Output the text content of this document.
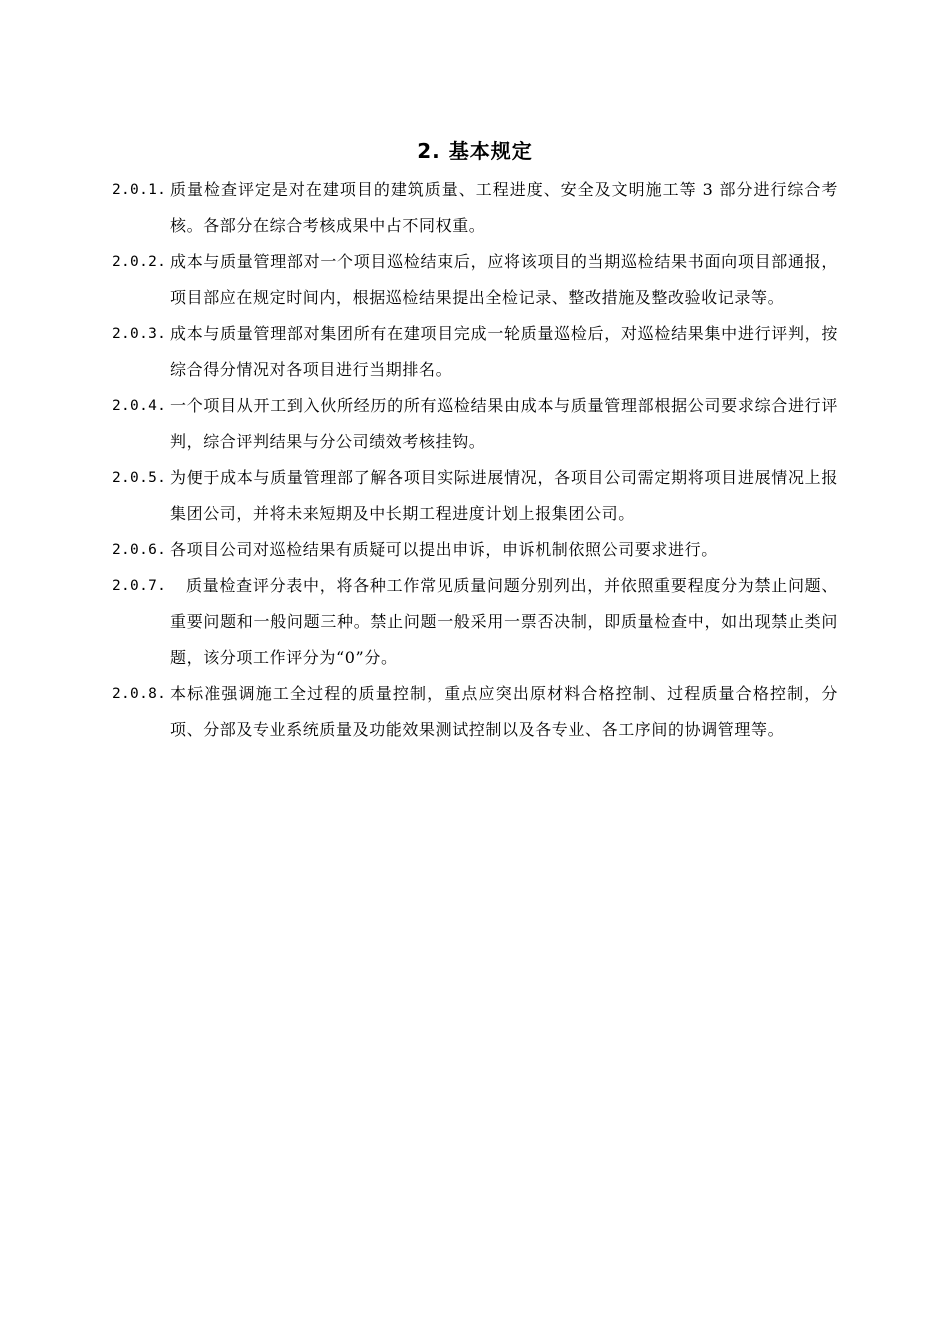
2. 基本规定
2.0.1. 质量检查评定是对在建项目的建筑质量、工程进度、安全及文明施工等 3 部分进行综合考核。各部分在综合考核成果中占不同权重。
2.0.2. 成本与质量管理部对一个项目巡检结束后，应将该项目的当期巡检结果书面向项目部通报，项目部应在规定时间内，根据巡检结果提出全检记录、整改措施及整改验收记录等。
2.0.3. 成本与质量管理部对集团所有在建项目完成一轮质量巡检后，对巡检结果集中进行评判，按综合得分情况对各项目进行当期排名。
2.0.4. 一个项目从开工到入伙所经历的所有巡检结果由成本与质量管理部根据公司要求综合进行评判，综合评判结果与分公司绩效考核挂钩。
2.0.5. 为便于成本与质量管理部了解各项目实际进展情况，各项目公司需定期将项目进展情况上报集团公司，并将未来短期及中长期工程进度计划上报集团公司。
2.0.6. 各项目公司对巡检结果有质疑可以提出申诉，申诉机制依照公司要求进行。
2.0.7.	质量检查评分表中，将各种工作常见质量问题分别列出，并依照重要程度分为禁止问题、重要问题和一般问题三种。禁止问题一般采用一票否决制，即质量检查中，如出现禁止类问题，该分项工作评分为“0”分。
2.0.8. 本标准强调施工全过程的质量控制，重点应突出原材料合格控制、过程质量合格控制，分项、分部及专业系统质量及功能效果测试控制以及各专业、各工序间的协调管理等。
